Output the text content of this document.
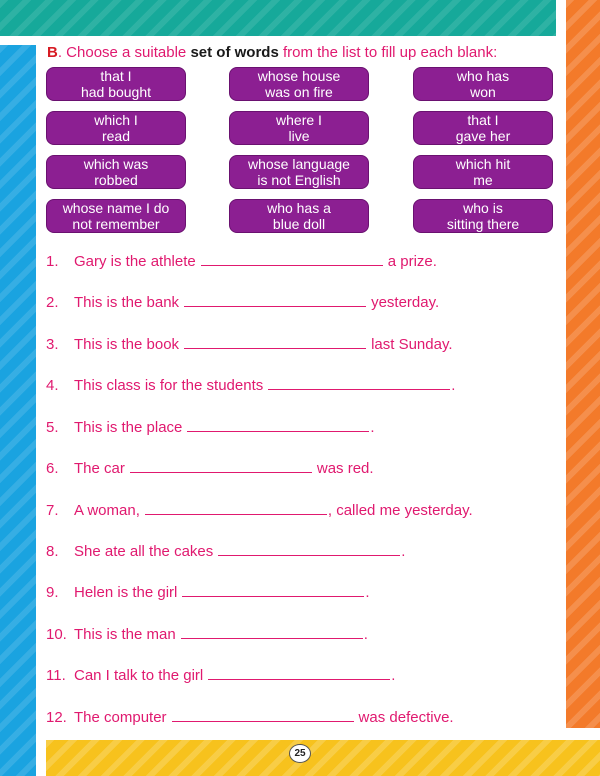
25
B. Choose a suitable set of words from the list to fill up each blank:
that I
had bought
whose house
was on fire
who has
won
which I
read
where I
live
that I
gave her
which was
robbed
whose language
is not English
which hit
me
whose name I do
not remember
who has a
blue doll
who is
sitting there
1. Gary is the athlete	a prize.
2. This is the bank	yesterday.
3. This is the book	last Sunday.
4. This class is for the students	.
5. This is the place	.
6. The car	was red.
7. A woman,	, called me yesterday.
8. She ate all the cakes	.
9. Helen is the girl	.
10. This is the man	.
11. Can I talk to the girl	.
12. The computer	was defective.
